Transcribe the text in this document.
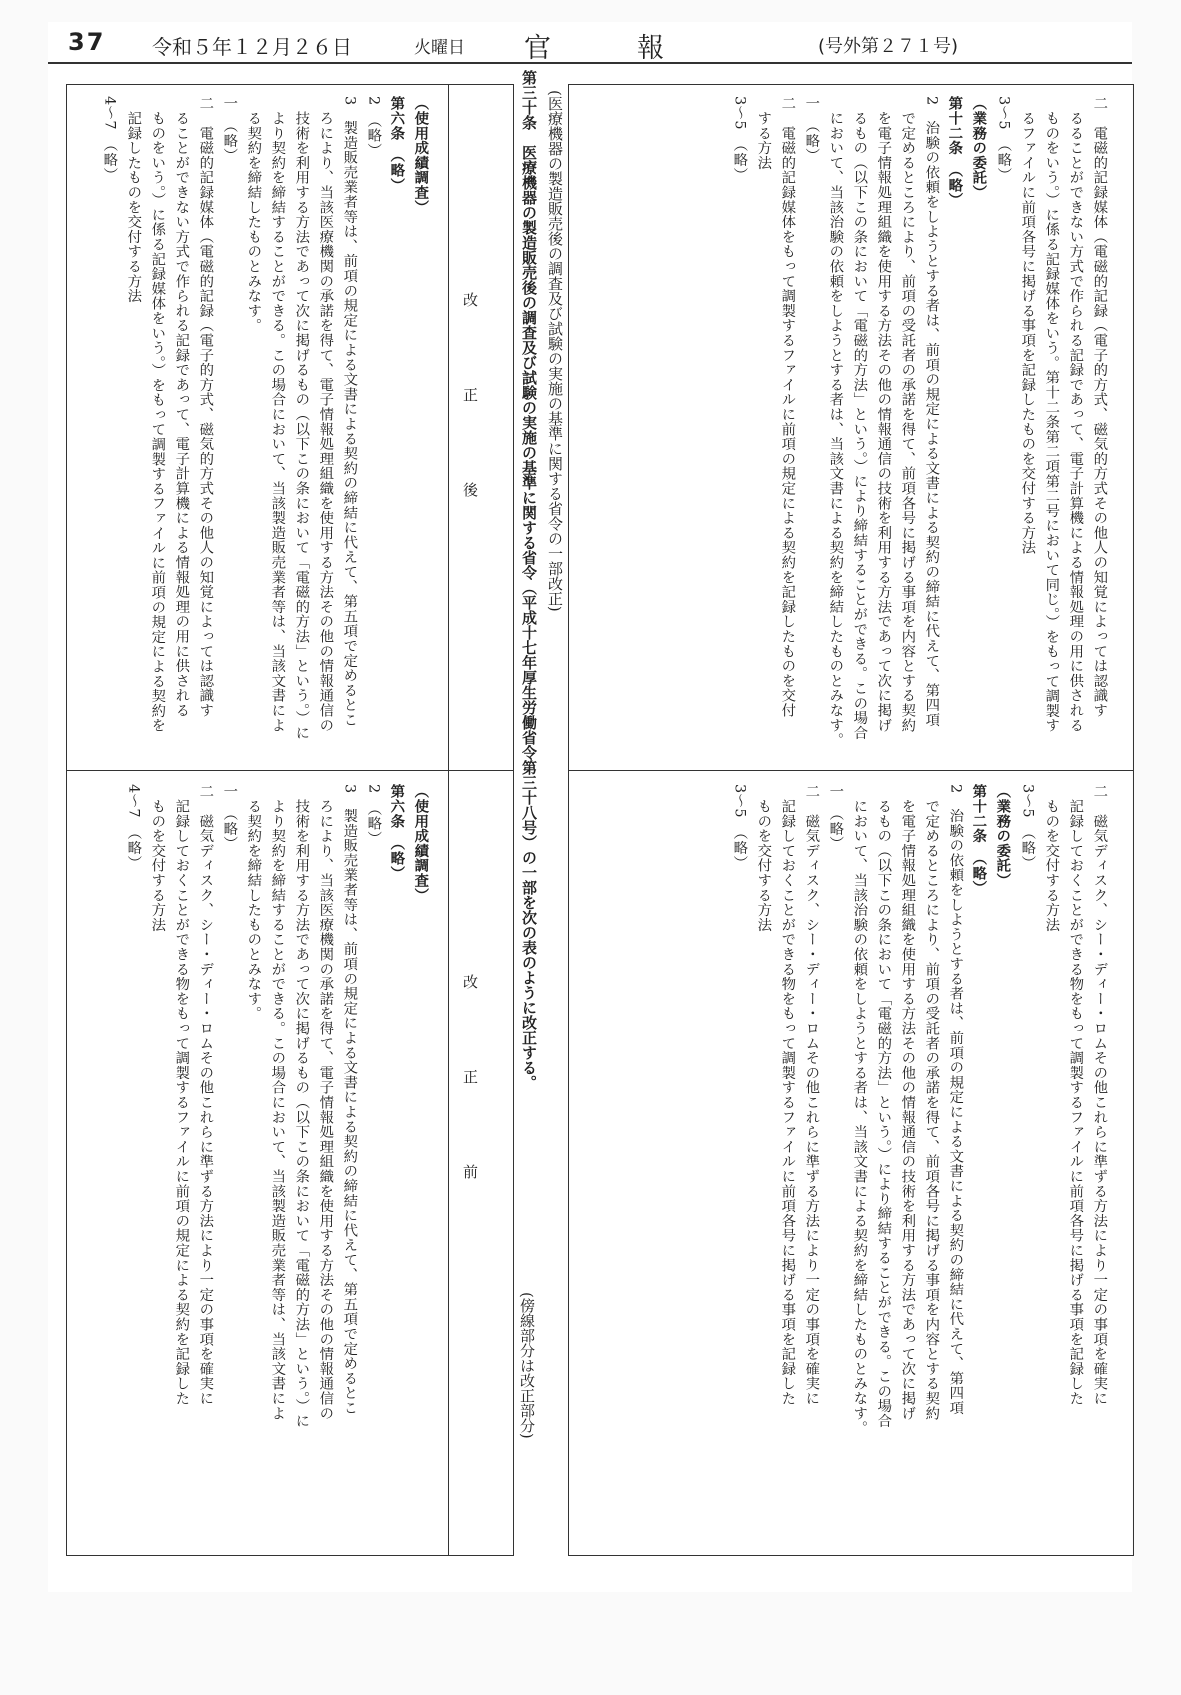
37 令和５年１２月２６日	火曜日 官報	(号外第２７１号)
二　電磁的記録媒体（電磁的記録（電子的方式、磁気的方式その他人の知覚によっては認識す
　るることができない方式で作られる記録であって、電子計算機による情報処理の用に供される
　ものをいう。）に係る記録媒体をいう。第十二条第二項第二号において同じ。）をもって調製す
　るファイルに前項各号に掲げる事項を記録したものを交付する方法
3～5　（略）
（業務の委託）
第十二条　（略）
2　治験の依頼をしようとする者は、前項の規定による文書による契約の締結に代えて、第四項
　で定めるところにより、前項の受託者の承諾を得て、前項各号に掲げる事項を内容とする契約
　を電子情報処理組織を使用する方法その他の情報通信の技術を利用する方法であって次に掲げ
　るもの（以下この条において「電磁的方法」という。）により締結することができる。この場合
　において、当該治験の依頼をしようとする者は、当該文書による契約を締結したものとみなす。
一　（略）
二　電磁的記録媒体をもって調製するファイルに前項の規定による契約を記録したものを交付
　する方法
3～5　（略）
二　磁気ディスク、シー・ディー・ロムその他これらに準ずる方法により一定の事項を確実に
　記録しておくことができる物をもって調製するファイルに前項各号に掲げる事項を記録した
　ものを交付する方法
3～5　（略）
（業務の委託）
第十二条　（略）
2　治験の依頼をしようとする者は、前項の規定による文書による契約の締結に代えて、第四項
　で定めるところにより、前項の受託者の承諾を得て、前項各号に掲げる事項を内容とする契約
　を電子情報処理組織を使用する方法その他の情報通信の技術を利用する方法であって次に掲げ
　るもの（以下この条において「電磁的方法」という。）により締結することができる。この場合
　において、当該治験の依頼をしようとする者は、当該文書による契約を締結したものとみなす。
一　（略）
二　磁気ディスク、シー・ディー・ロムその他これらに準ずる方法により一定の事項を確実に
　記録しておくことができる物をもって調製するファイルに前項各号に掲げる事項を記録した
　ものを交付する方法
3～5　（略）
(医療機器の製造販売後の調査及び試験の実施の基準に関する省令の一部改正)
第三十条　医療機器の製造販売後の調査及び試験の実施の基準に関する省令（平成十七年厚生労働省令第三十八号）の一部を次の表のように改正する。
(傍線部分は改正部分)
改正後
改正前
（使用成績調査）
第六条　（略）
2　（略）
3　製造販売業者等は、前項の規定による文書による契約の締結に代えて、第五項で定めるとこ
　ろにより、当該医療機関の承諾を得て、電子情報処理組織を使用する方法その他の情報通信の
　技術を利用する方法であって次に掲げるもの（以下この条において「電磁的方法」という。）に
　より契約を締結することができる。この場合において、当該製造販売業者等は、当該文書によ
　る契約を締結したものとみなす。
一　（略）
二　電磁的記録媒体（電磁的記録（電子的方式、磁気的方式その他人の知覚によっては認識す
　ることができない方式で作られる記録であって、電子計算機による情報処理の用に供される
　ものをいう。）に係る記録媒体をいう。）をもって調製するファイルに前項の規定による契約を
　記録したものを交付する方法
4～7　（略）
（使用成績調査）
第六条　（略）
2　（略）
3　製造販売業者等は、前項の規定による文書による契約の締結に代えて、第五項で定めるとこ
　ろにより、当該医療機関の承諾を得て、電子情報処理組織を使用する方法その他の情報通信の
　技術を利用する方法であって次に掲げるもの（以下この条において「電磁的方法」という。）に
　より契約を締結することができる。この場合において、当該製造販売業者等は、当該文書によ
　る契約を締結したものとみなす。
一　（略）
二　磁気ディスク、シー・ディー・ロムその他これらに準ずる方法により一定の事項を確実に
　記録しておくことができる物をもって調製するファイルに前項の規定による契約を記録した
　ものを交付する方法
4～7　（略）
